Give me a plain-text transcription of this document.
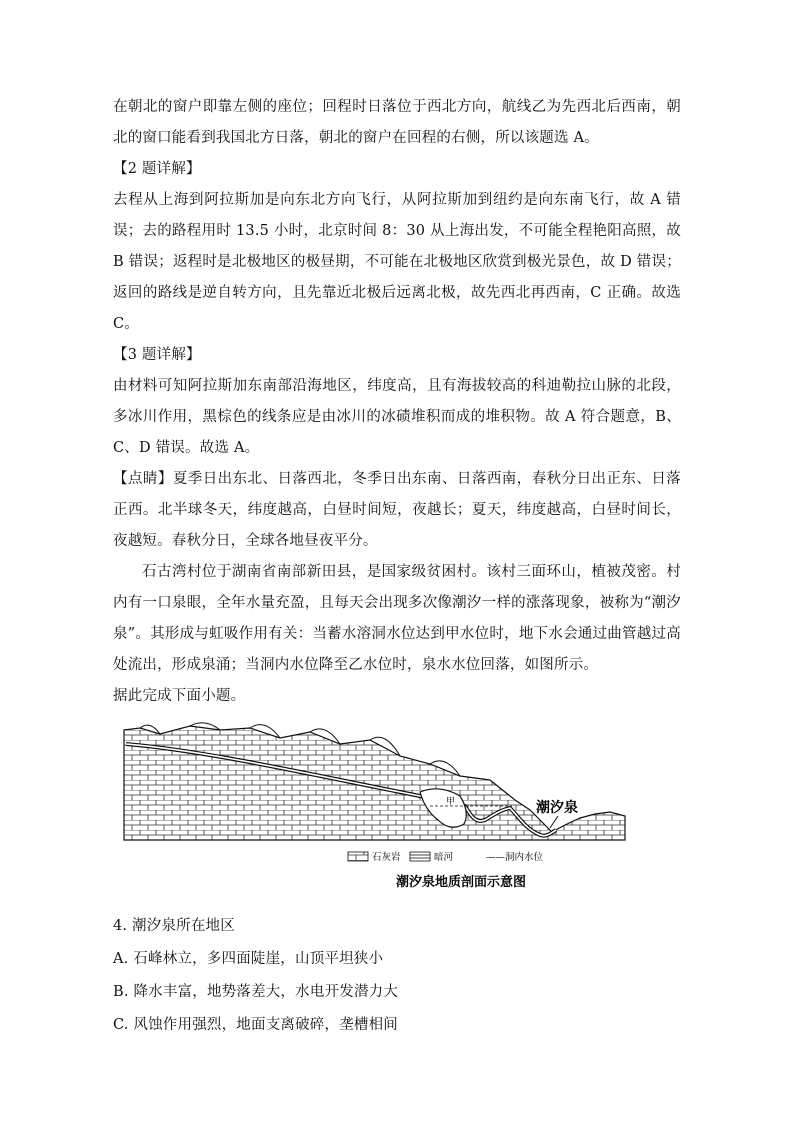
在朝北的窗户即靠左侧的座位；回程时日落位于西北方向，航线乙为先西北后西南，朝北的窗口能看到我国北方日落，朝北的窗户在回程的右侧，所以该题选 A。

【2 题详解】

去程从上海到阿拉斯加是向东北方向飞行，从阿拉斯加到纽约是向东南飞行，故 A 错误；去的路程用时 13.5 小时，北京时间 8：30 从上海出发，不可能全程艳阳高照，故 B 错误；返程时是北极地区的极昼期，不可能在北极地区欣赏到极光景色，故 D 错误；返回的路线是逆自转方向，且先靠近北极后远离北极，故先西北再西南，C 正确。故选 C。

【3 题详解】

由材料可知阿拉斯加东南部沿海地区，纬度高，且有海拔较高的科迪勒拉山脉的北段，多冰川作用，黑棕色的线条应是由冰川的冰碛堆积而成的堆积物。故 A 符合题意，B、C、D 错误。故选 A。

【点睛】夏季日出东北、日落西北，冬季日出东南、日落西南，春秋分日出正东、日落正西。北半球冬天，纬度越高，白昼时间短，夜越长；夏天，纬度越高，白昼时间长，夜越短。春秋分日，全球各地昼夜平分。

石古湾村位于湖南省南部新田县，是国家级贫困村。该村三面环山，植被茂密。村内有一口泉眼，全年水量充盈，且每天会出现多次像潮汐一样的涨落现象，被称为“潮汐泉”。其形成与虹吸作用有关：当蓄水溶洞水位达到甲水位时，地下水会通过曲管越过高处流出，形成泉涌；当洞内水位降至乙水位时，泉水水位回落，如图所示。

据此完成下面小题。

甲	潮汐泉
石灰岩	暗河	——洞内水位
潮汐泉地质剖面示意图

4. 潮汐泉所在地区

A. 石峰林立，多四面陡崖，山顶平坦狭小

B. 降水丰富，地势落差大，水电开发潜力大

C. 风蚀作用强烈，地面支离破碎，垄槽相间
